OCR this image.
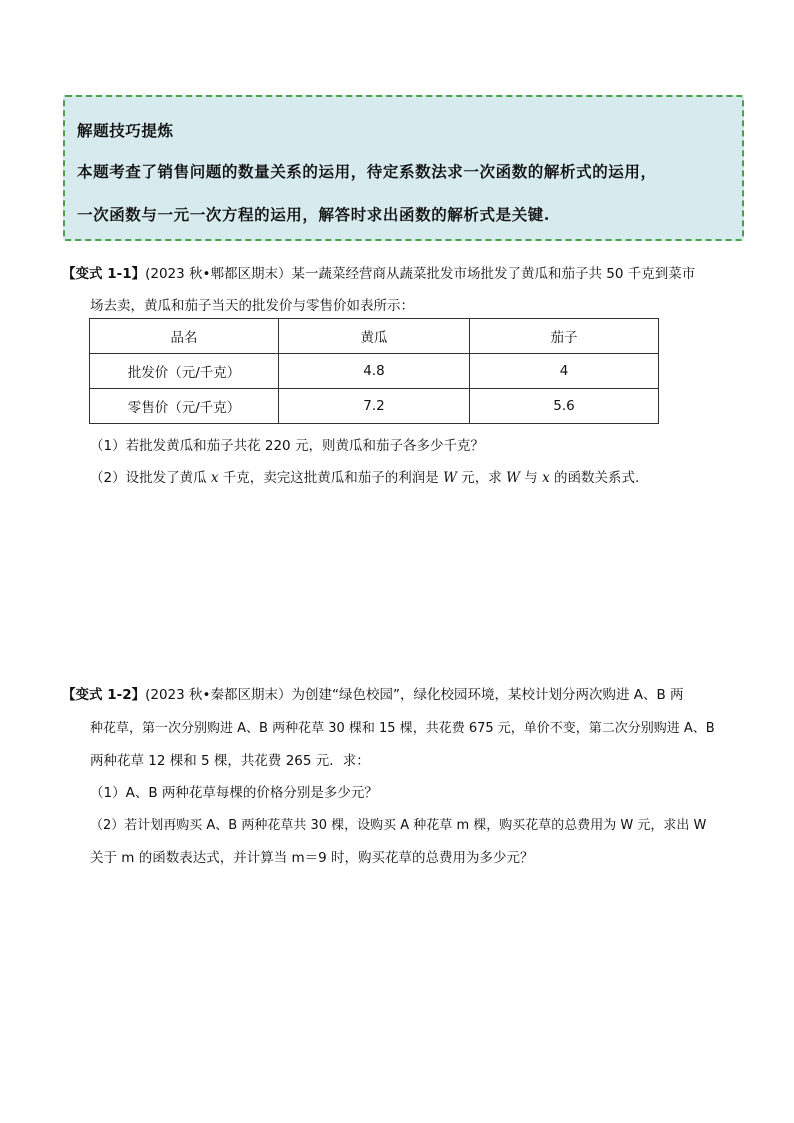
解题技巧提炼
本题考查了销售问题的数量关系的运用，待定系数法求一次函数的解析式的运用，
一次函数与一元一次方程的运用，解答时求出函数的解析式是关键.
【变式 1-1】(2023 秋•郫都区期末）某一蔬菜经营商从蔬菜批发市场批发了黄瓜和茄子共 50 千克到菜市
场去卖，黄瓜和茄子当天的批发价与零售价如表所示：
品名	黄瓜	茄子
批发价（元/千克）	4.8	4
零售价（元/千克）	7.2	5.6
（1）若批发黄瓜和茄子共花 220 元，则黄瓜和茄子各多少千克？
（2）设批发了黄瓜 x 千克，卖完这批黄瓜和茄子的利润是 W 元，求 W 与 x 的函数关系式.
【变式 1-2】(2023 秋•秦都区期末）为创建“绿色校园”，绿化校园环境，某校计划分两次购进 A、B 两
种花草，第一次分别购进 A、B 两种花草 30 棵和 15 棵，共花费 675 元，单价不变，第二次分别购进 A、B
两种花草 12 棵和 5 棵，共花费 265 元．求：
（1）A、B 两种花草每棵的价格分别是多少元？
（2）若计划再购买 A、B 两种花草共 30 棵，设购买 A 种花草 m 棵，购买花草的总费用为 W 元，求出 W
关于 m 的函数表达式，并计算当 m＝9 时，购买花草的总费用为多少元？
